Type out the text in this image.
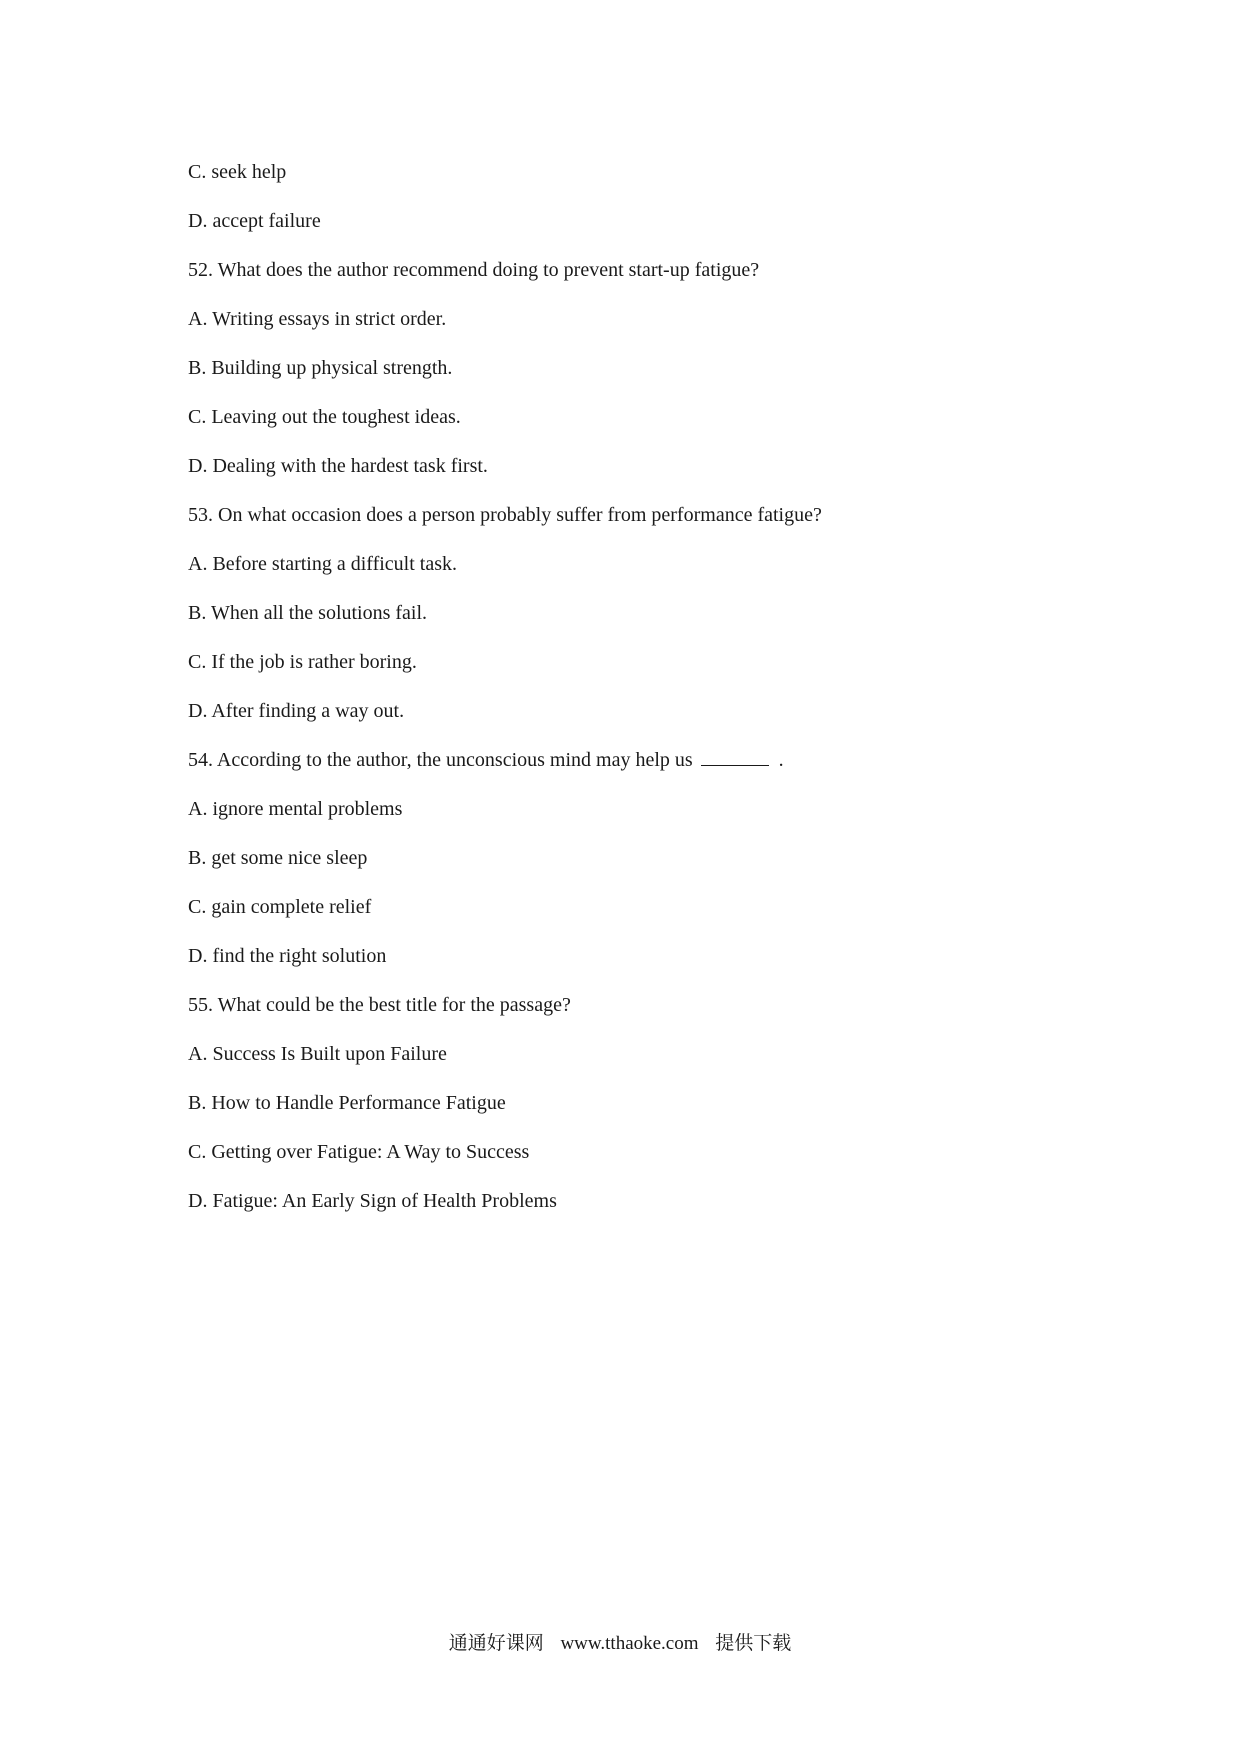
C. seek help
D. accept failure
52. What does the author recommend doing to prevent start-up fatigue?
A. Writing essays in strict order.
B. Building up physical strength.
C. Leaving out the toughest ideas.
D. Dealing with the hardest task first.
53. On what occasion does a person probably suffer from performance fatigue?
A. Before starting a difficult task.
B. When all the solutions fail.
C. If the job is rather boring.
D. After finding a way out.
54. According to the author, the unconscious mind may help us	.
A. ignore mental problems
B. get some nice sleep
C. gain complete relief
D. find the right solution
55. What could be the best title for the passage?
A. Success Is Built upon Failure
B. How to Handle Performance Fatigue
C. Getting over Fatigue: A Way to Success
D. Fatigue: An Early Sign of Health Problems
通通好课网 www.tthaoke.com 提供下载
